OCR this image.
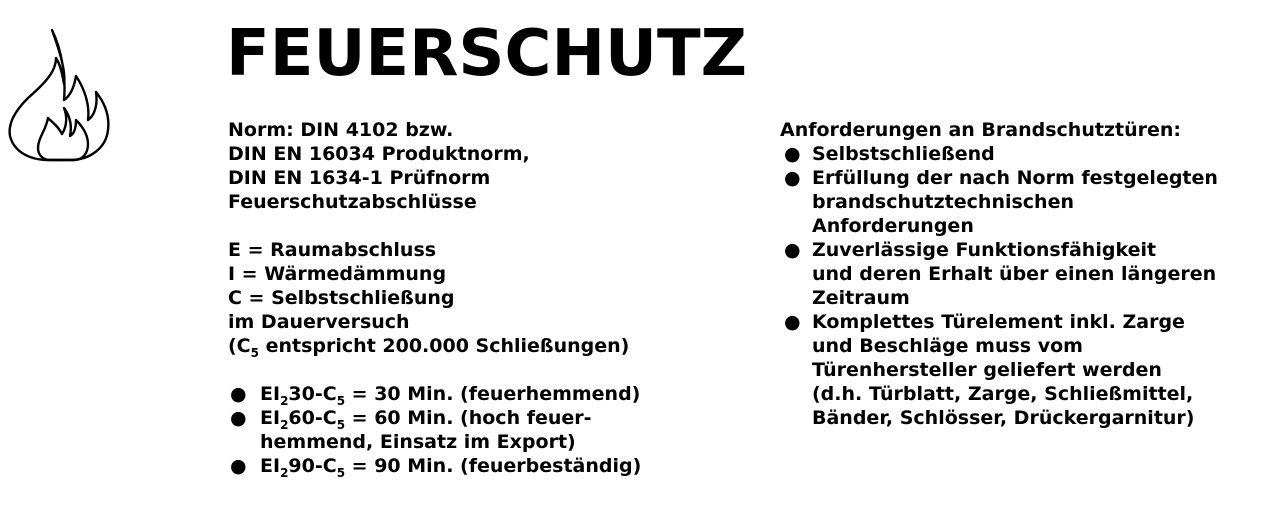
FEUERSCHUTZ
Norm: DIN 4102 bzw.
DIN EN 16034 Produktnorm,
DIN EN 1634-1 Prüfnorm
Feuerschutzabschlüsse
E = Raumabschluss
I = Wärmedämmung
C = Selbstschließung
im Dauerversuch
($C_5$ entspricht 200.000 Schließungen)
● $EI_230-C_5 = 30$ Min. (feuerhemmend)
● $EI_260-C_5 = 60$ Min. (hoch feuer-
hemmend, Einsatz im Export)
● $EI_290-C_5 = 90$ Min. (feuerbeständig)
Anforderungen an Brandschutztüren:
● Selbstschließend
● Erfüllung der nach Norm festgelegten
brandschutztechnischen
Anforderungen
● Zuverlässige Funktionsfähigkeit
und deren Erhalt über einen längeren
Zeitraum
● Komplettes Türelement inkl. Zarge
und Beschläge muss vom
Türenhersteller geliefert werden
(d.h. Türblatt, Zarge, Schließmittel,
Bänder, Schlösser, Drückergarnitur)
